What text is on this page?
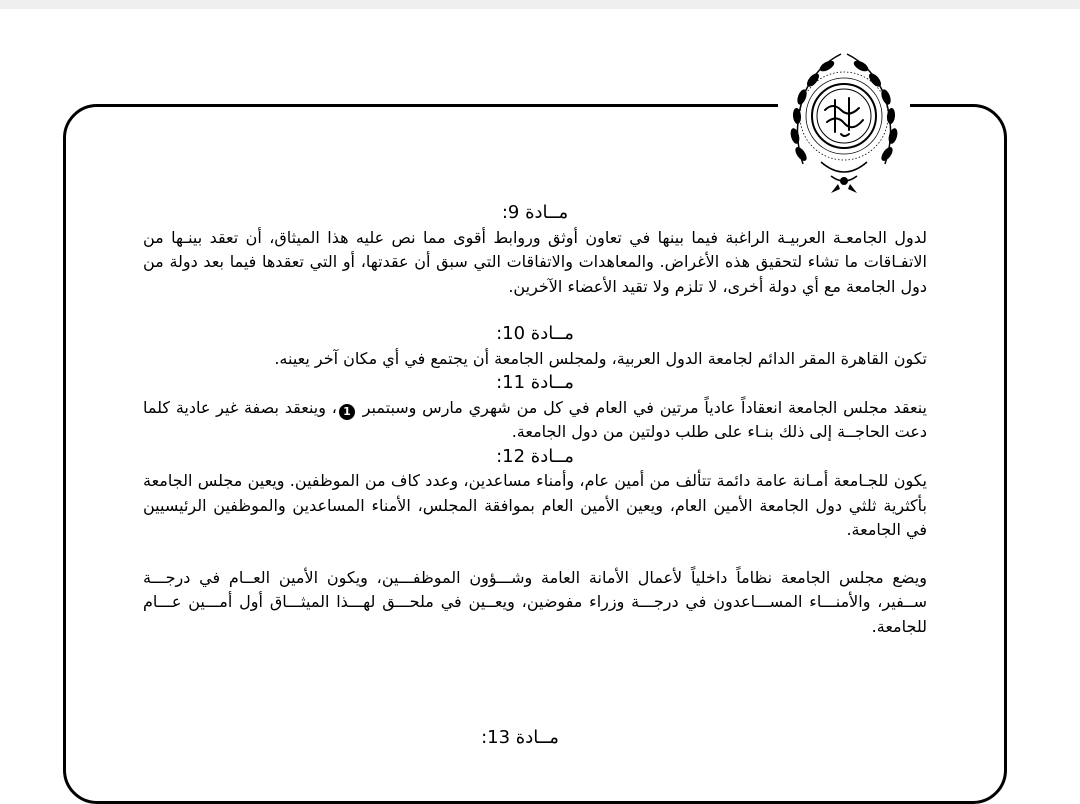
مــادة 9:

لدول الجامعـة العربيـة الراغبة فيما بينها في تعاون أوثق وروابط أقوى مما نص عليه هذا الميثاق، أن تعقد بينـها من الاتفـاقات ما تشاء لتحقيق هذه الأغراض. والمعاهدات والاتفاقات التي سبق أن عقدتها، أو التي تعقدها فيما بعد دولة من دول الجامعة مع أي دولة أخرى، لا تلزم ولا تقيد الأعضاء الآخرين.

مــادة 10:

تكون القاهرة المقر الدائم لجامعة الدول العربية، ولمجلس الجامعة أن يجتمع في أي مكان آخر يعينه.

مــادة 11:

ينعقد مجلس الجامعة انعقاداً عادياً مرتين في العام في كل من شهري مارس وسبتمبر 1، وينعقد بصفة غير عادية كلما دعت الحاجــة إلى ذلك بنـاء على طلب دولتين من دول الجامعة.

مــادة 12:

يكون للجـامعة أمـانة عامة دائمة تتألف من أمين عام، وأمناء مساعدين، وعدد كاف من الموظفين. ويعين مجلس الجامعة بأكثرية ثلثي دول الجامعة الأمين العام، ويعين الأمين العام بموافقة المجلس، الأمناء المساعدين والموظفين الرئيسيين في الجامعة.

ويضع مجلس الجامعة نظاماً داخلياً لأعمال الأمانة العامة وشـــؤون الموظفـــين، ويكون الأمين العــام في درجـــة ســفير، والأمنـــاء المســـاعدون في درجـــة وزراء مفوضين، ويعــين في ملحـــق لهـــذا الميثـــاق أول أمـــين عـــام للجامعة.

مــادة 13:
